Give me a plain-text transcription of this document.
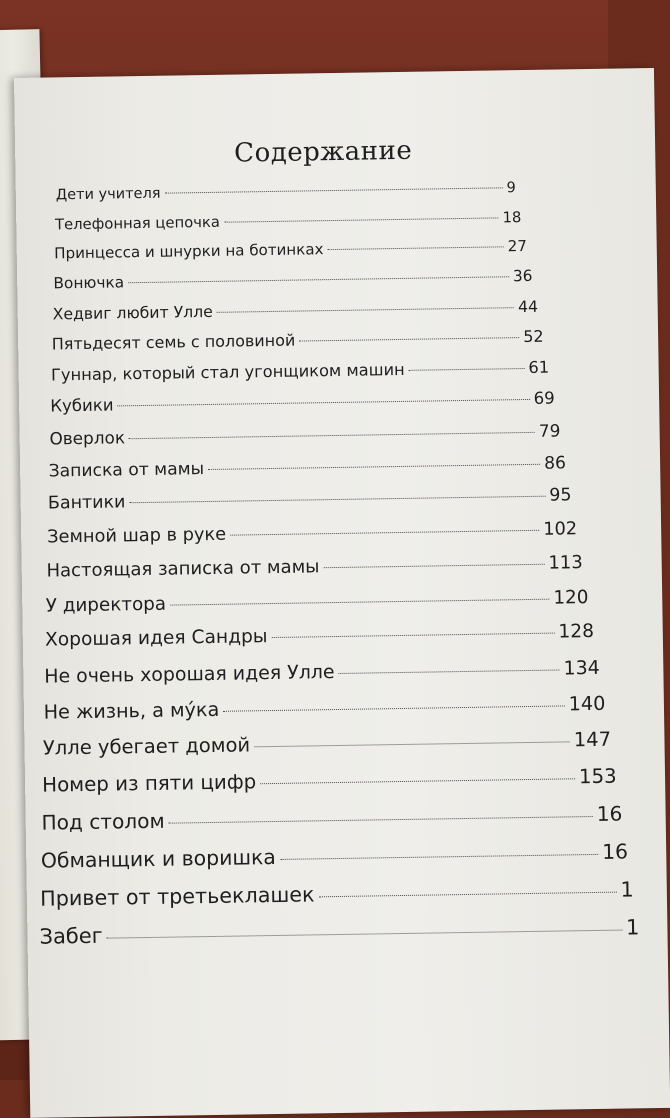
Содержание
Дети учителя	9
Телефонная цепочка	18
Принцесса и шнурки на ботинках	27
Вонючка	36
Хедвиг любит Улле	44
Пятьдесят семь с половиной	52
Гуннар, который стал угонщиком машин	61
Кубики	69
Оверлок	79
Записка от мамы	86
Бантики	95
Земной шар в руке	102
Настоящая записка от мамы	113
У директора	120
Хорошая идея Сандры	128
Не очень хорошая идея Улле	134
Не жизнь, а му́ка	140
Улле убегает домой	147
Номер из пяти цифр	153
Под столом	16
Обманщик и воришка	16
Привет от третьеклашек	1
Забег	1
